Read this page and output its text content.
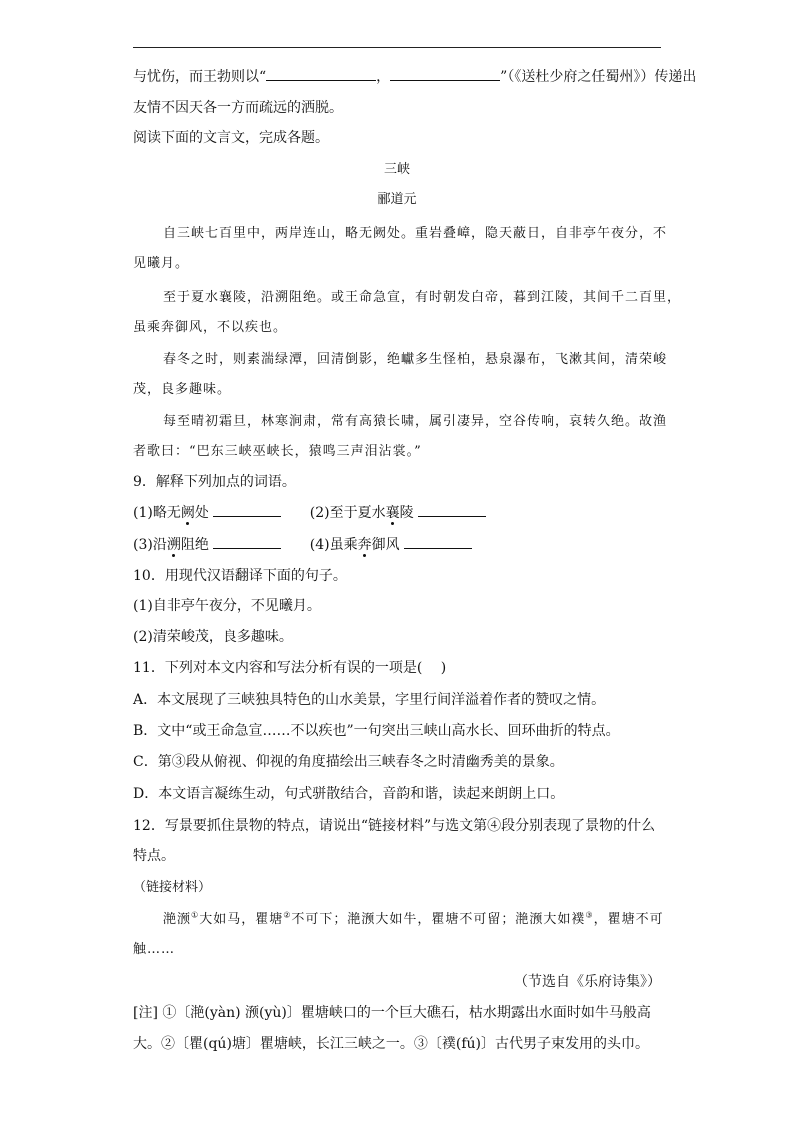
与忧伤，而王勃则以“	，	”（《送杜少府之任蜀州》）传递出
友情不因天各一方而疏远的洒脱。
阅读下面的文言文，完成各题。
三峡
郦道元
自三峡七百里中，两岸连山，略无阙处。重岩叠嶂，隐天蔽日，自非亭午夜分，不
见曦月。
至于夏水襄陵，沿溯阻绝。或王命急宣，有时朝发白帝，暮到江陵，其间千二百里，
虽乘奔御风，不以疾也。
春冬之时，则素湍绿潭，回清倒影，绝巘多生怪柏，悬泉瀑布，飞漱其间，清荣峻
茂，良多趣味。
每至晴初霜旦，林寒涧肃，常有高猿长啸，属引凄异，空谷传响，哀转久绝。故渔
者歌曰：“巴东三峡巫峡长，猿鸣三声泪沾裳。”
9．解释下列加点的词语。
(1)略无阙处	(2)至于夏水襄陵
(3)沿溯阻绝	(4)虽乘奔御风
10．用现代汉语翻译下面的句子。
(1)自非亭午夜分，不见曦月。
(2)清荣峻茂，良多趣味。
11．下列对本文内容和写法分析有误的一项是(　 )
A．本文展现了三峡独具特色的山水美景，字里行间洋溢着作者的赞叹之情。
B．文中“或王命急宣……不以疾也”一句突出三峡山高水长、回环曲折的特点。
C．第③段从俯视、仰视的角度描绘出三峡春冬之时清幽秀美的景象。
D．本文语言凝练生动，句式骈散结合，音韵和谐，读起来朗朗上口。
12．写景要抓住景物的特点，请说出“链接材料”与选文第④段分别表现了景物的什么
特点。
（链接材料）
滟滪①大如马，瞿塘②不可下；滟滪大如牛，瞿塘不可留；滟滪大如襆③，瞿塘不可
触……
（节选自《乐府诗集》）
[注] ①〔滟(yàn) 滪(yù)〕瞿塘峡口的一个巨大礁石，枯水期露出水面时如牛马般高
大。②〔瞿(qú)塘〕瞿塘峡，长江三峡之一。③〔襆(fú)〕古代男子束发用的头巾。
